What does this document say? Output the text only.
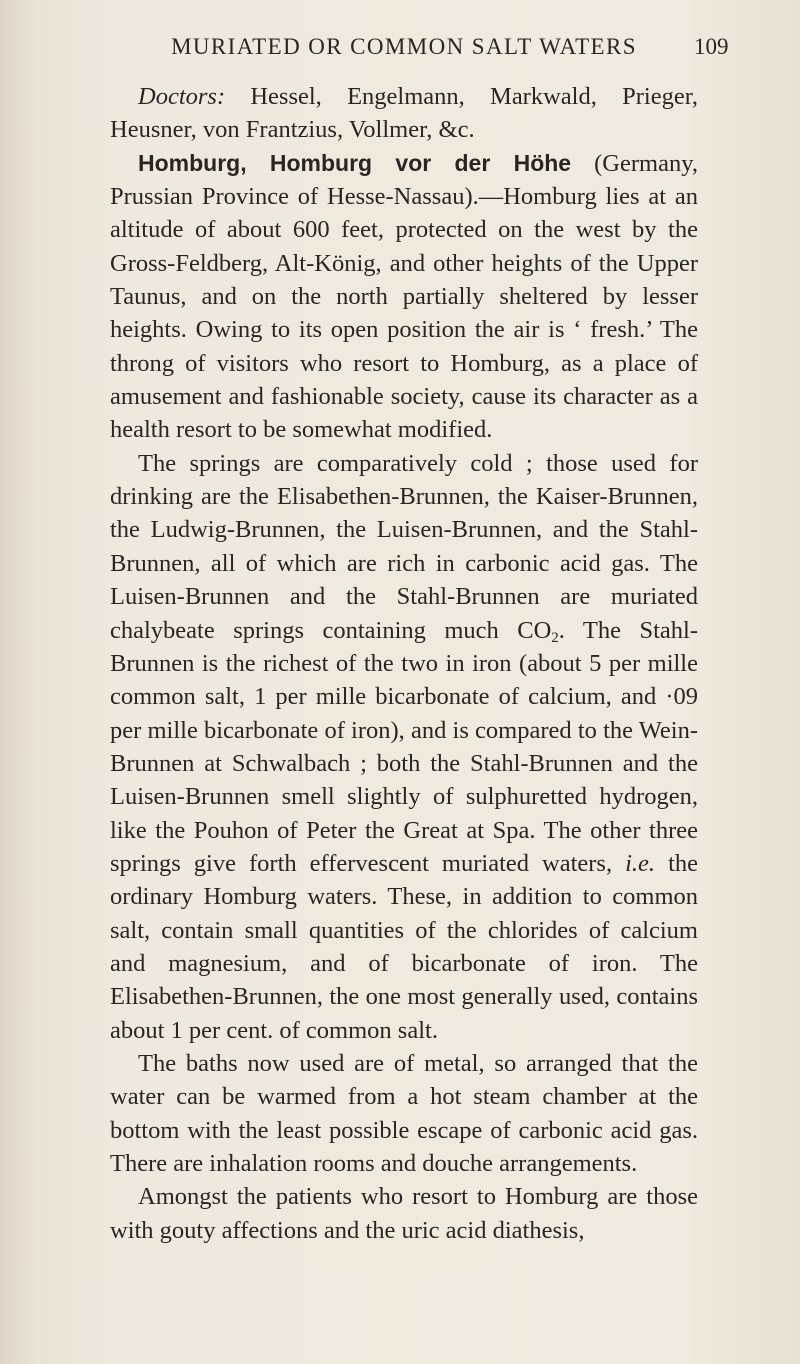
MURIATED OR COMMON SALT WATERS	109

Doctors: Hessel, Engelmann, Markwald, Prieger, Heusner, von Frantzius, Vollmer, &c.

Homburg, Homburg vor der Höhe (Germany, Prussian Province of Hesse-Nassau).—Homburg lies at an altitude of about 600 feet, protected on the west by the Gross-Feldberg, Alt-König, and other heights of the Upper Taunus, and on the north partially sheltered by lesser heights. Owing to its open position the air is ‘ fresh.’ The throng of visitors who resort to Homburg, as a place of amusement and fashionable society, cause its character as a health resort to be somewhat modified.

The springs are comparatively cold ; those used for drinking are the Elisabethen-Brunnen, the Kaiser-Brunnen, the Ludwig-Brunnen, the Luisen-Brunnen, and the Stahl-Brunnen, all of which are rich in carbonic acid gas. The Luisen-Brunnen and the Stahl-Brunnen are muriated chalybeate springs containing much $CO_2$. The Stahl-Brunnen is the richest of the two in iron (about 5 per mille common salt, 1 per mille bicarbonate of calcium, and ·09 per mille bicarbonate of iron), and is compared to the Wein-Brunnen at Schwalbach ; both the Stahl-Brunnen and the Luisen-Brunnen smell slightly of sulphuretted hydrogen, like the Pouhon of Peter the Great at Spa. The other three springs give forth effervescent muriated waters, i.e. the ordinary Homburg waters. These, in addition to common salt, contain small quantities of the chlorides of calcium and magnesium, and of bicarbonate of iron. The Elisabethen-Brunnen, the one most generally used, contains about 1 per cent. of common salt.

The baths now used are of metal, so arranged that the water can be warmed from a hot steam chamber at the bottom with the least possible escape of carbonic acid gas. There are inhalation rooms and douche arrangements.

Amongst the patients who resort to Homburg are those with gouty affections and the uric acid diathesis,
